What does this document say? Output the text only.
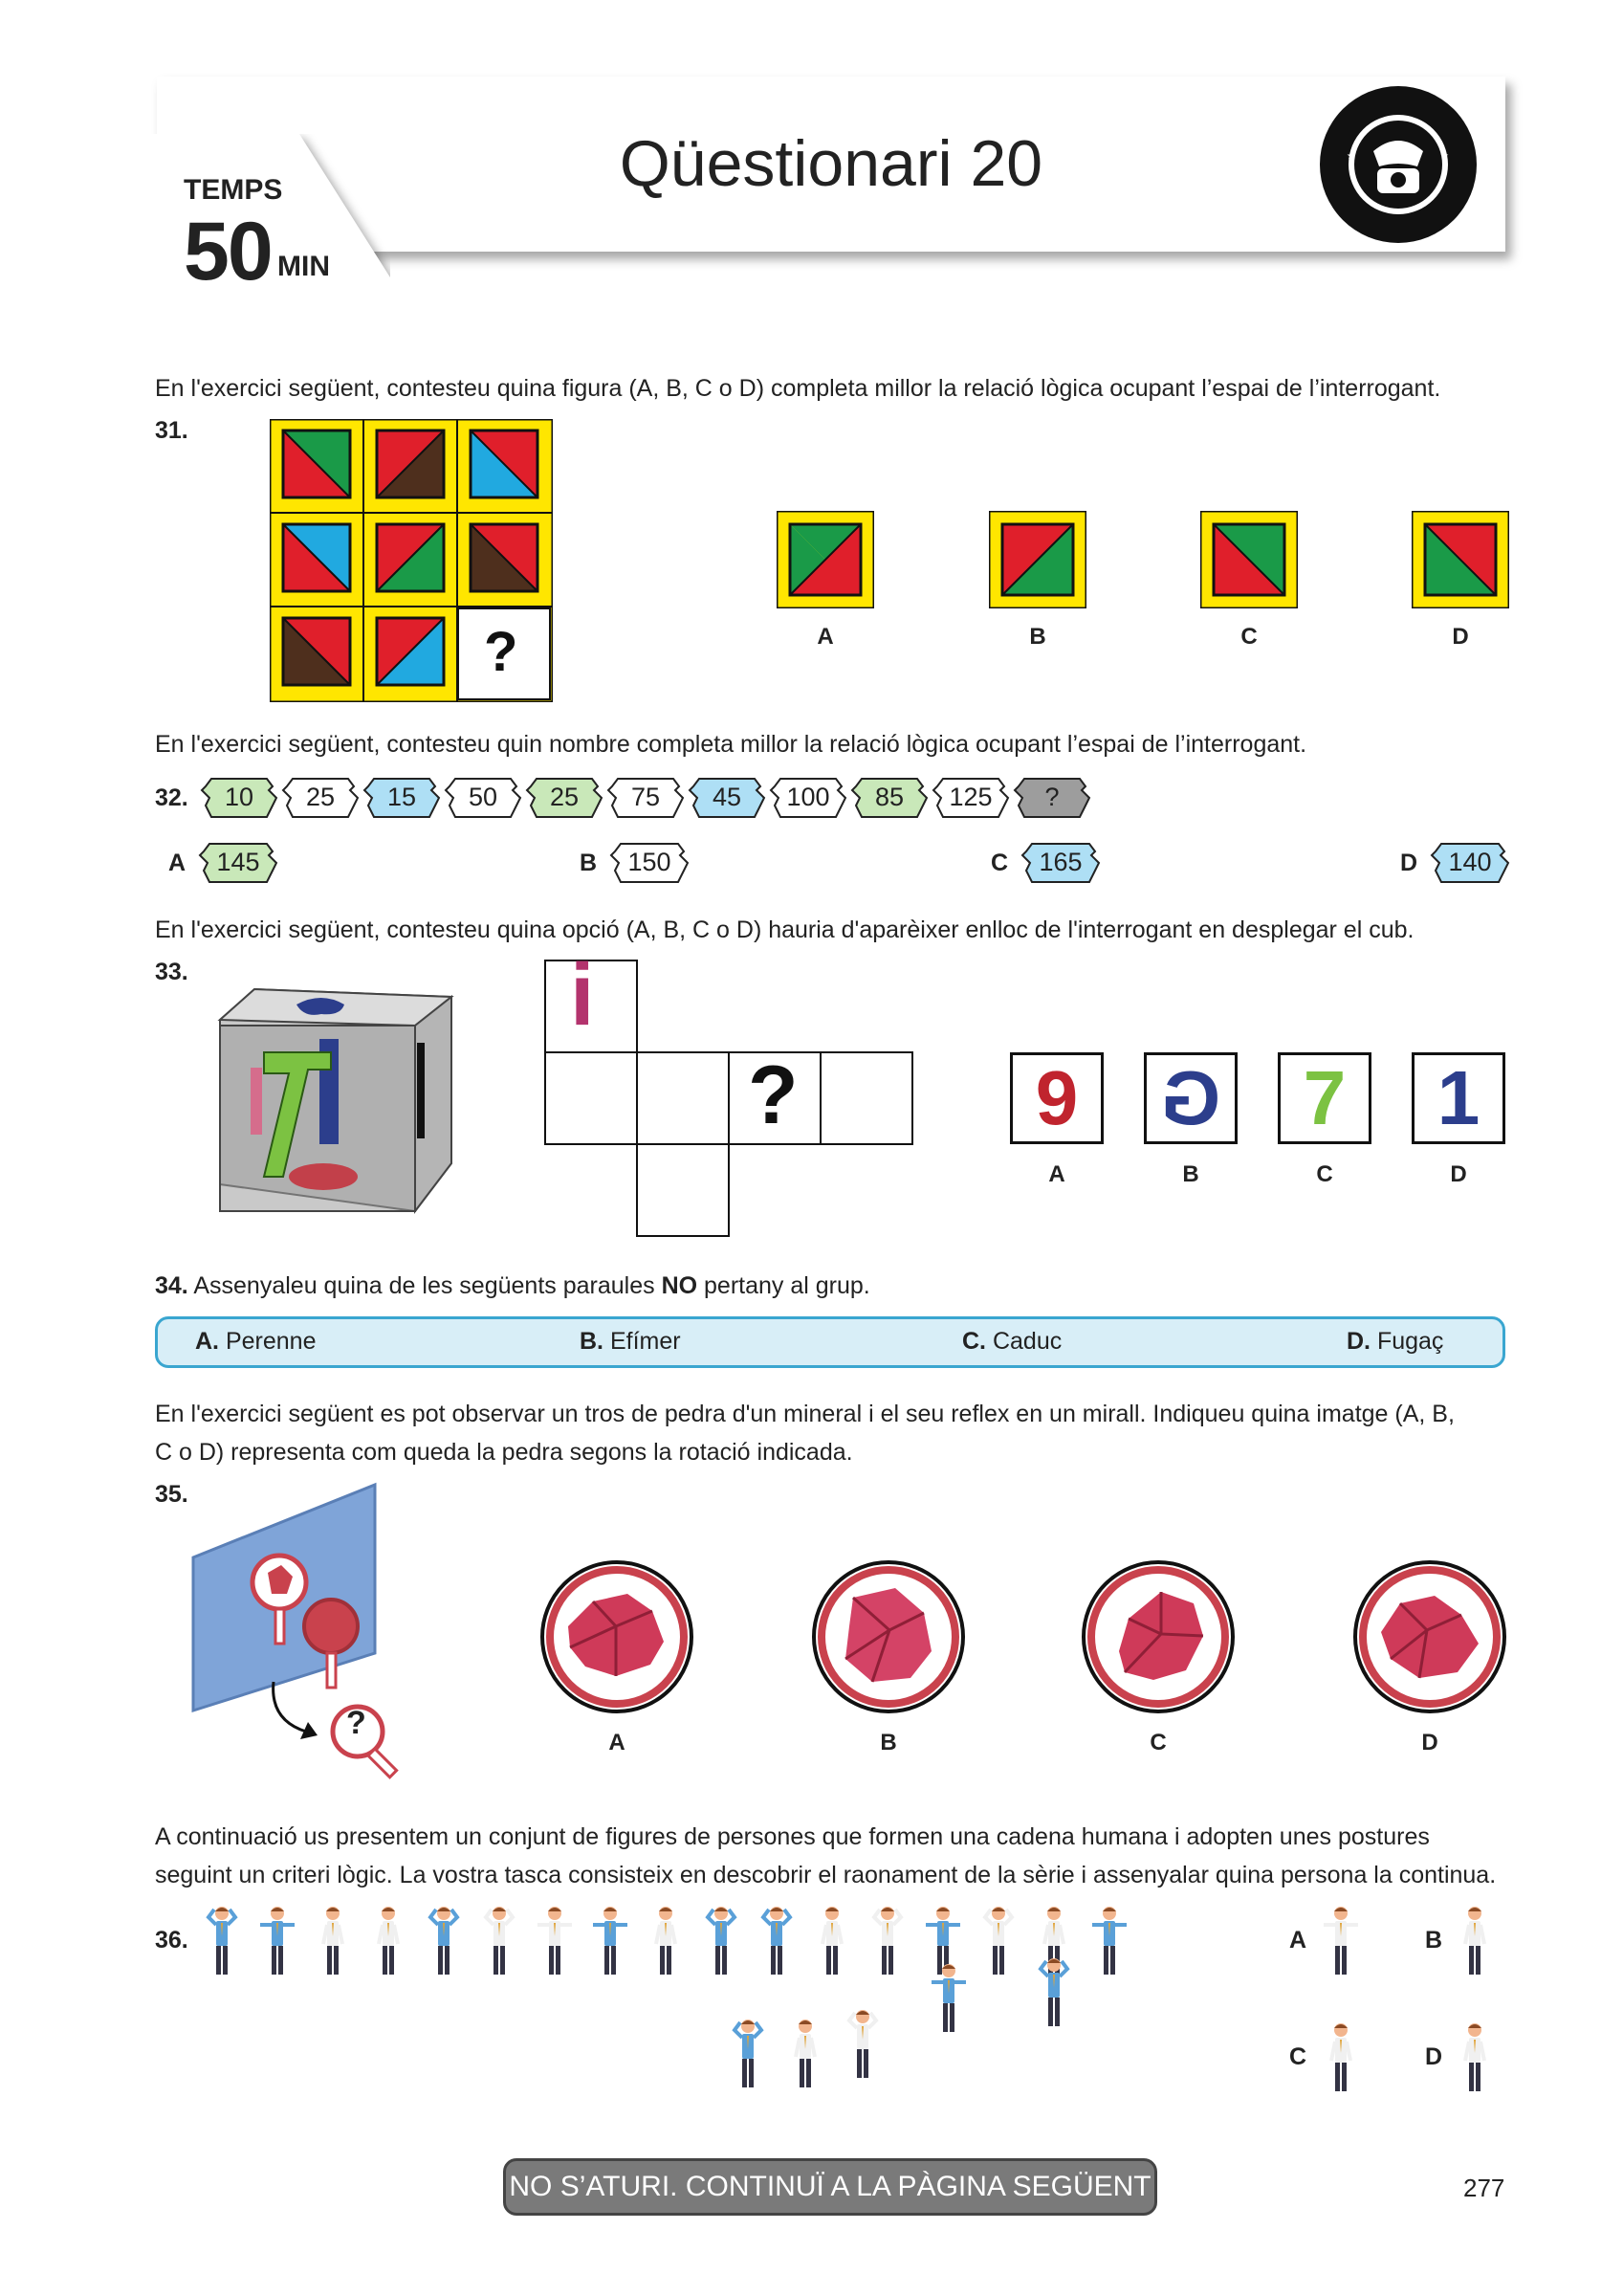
Qüestionari 20
TEMPS
50 MIN
★	★
En l'exercici següent, contesteu quina figura (A, B, C o D) completa millor la relació lògica ocupant l’espai de l’interrogant.
31.
?	A	B	C	D
En l'exercici següent, contesteu quin nombre completa millor la relació lògica ocupant l’espai de l’interrogant.
32. 10 25 15 50 25 75 45 100 85 125 ?
A	B	C	D
145	150	165	140
En l'exercici següent, contesteu quina opció (A, B, C o D) hauria d'aparèixer enlloc de l'interrogant en desplegar el cub.
33.	i
?	9	G	7	1
A	B	C	D
34. Assenyaleu quina de les següents paraules NO pertany al grup.
A. Perenne	B. Efímer	C. Caduc	D. Fugaç
En l'exercici següent es pot observar un tros de pedra d'un mineral i el seu reflex en un mirall. Indiqueu quina imatge (A, B,
C o D) representa com queda la pedra segons la rotació indicada.
35.
?
A	B	C	D
A continuació us presentem un conjunt de figures de persones que formen una cadena humana i adopten unes postures
seguint un criteri lògic. La vostra tasca consisteix en descobrir el raonament de la sèrie i assenyalar quina persona la continua.
36.	A	B
C	D
NO S’ATURI. CONTINUÏ A LA PÀGINA SEGÜENT	277
